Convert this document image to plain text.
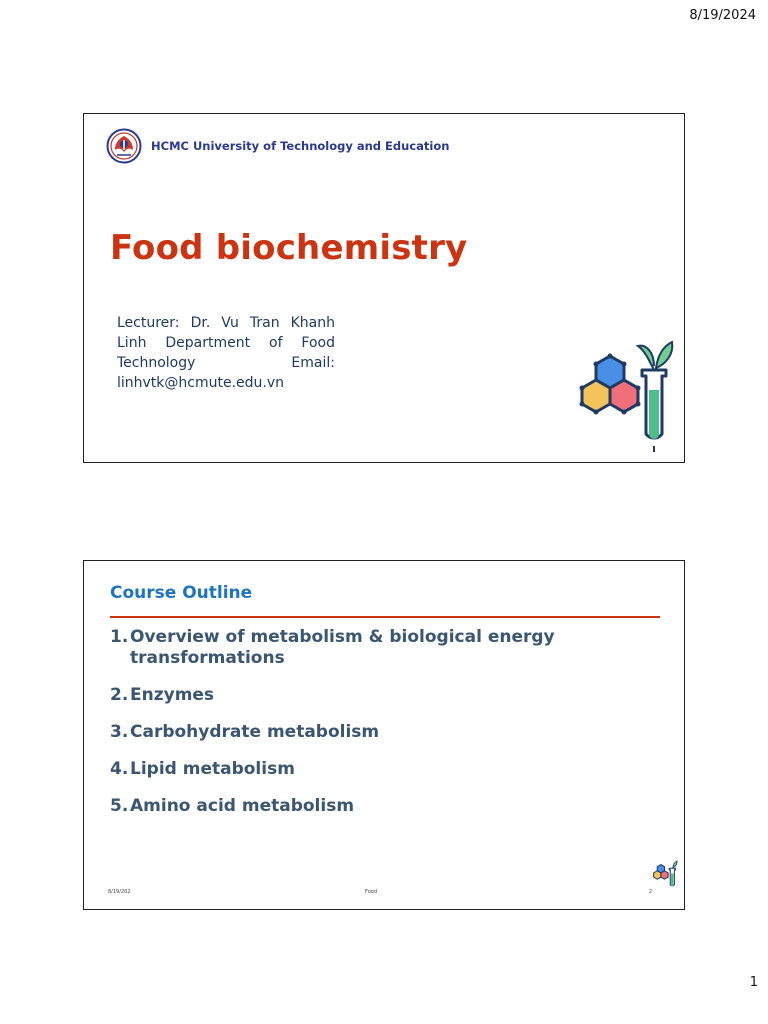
8/19/2024
HCMC University of Technology and Education
Food biochemistry
Lecturer: Dr. Vu Tran Khanh Linh Department of Food Technology Email: linhvtk@hcmute.edu.vn
Course Outline
1. Overview of metabolism & biological energy transformations
2. Enzymes
3. Carbohydrate metabolism
4. Lipid metabolism
5. Amino acid metabolism
8/19/202	Food	2
1
